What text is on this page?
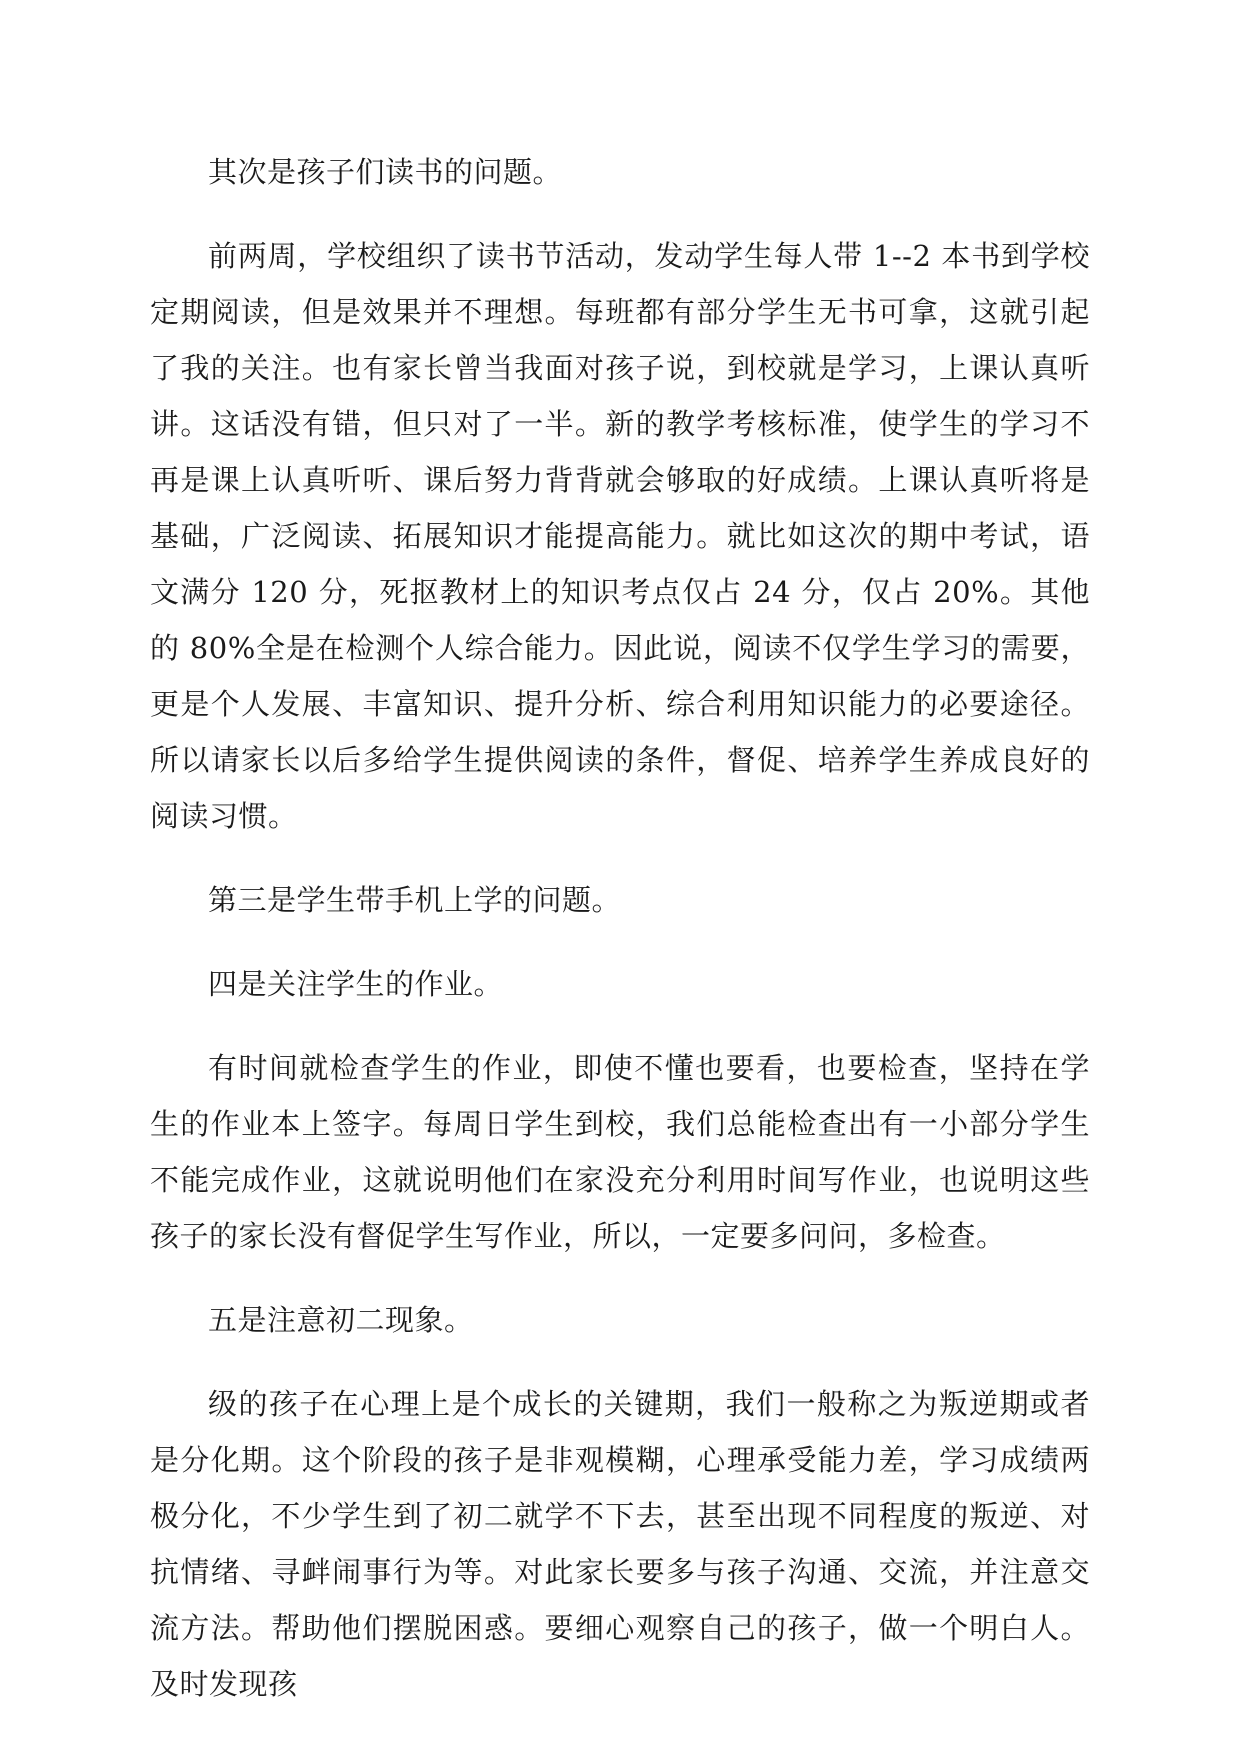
其次是孩子们读书的问题。

前两周，学校组织了读书节活动，发动学生每人带 1--2 本书到学校定期阅读，但是效果并不理想。每班都有部分学生无书可拿，这就引起了我的关注。也有家长曾当我面对孩子说，到校就是学习，上课认真听讲。这话没有错，但只对了一半。新的教学考核标准，使学生的学习不再是课上认真听听、课后努力背背就会够取的好成绩。上课认真听将是基础，广泛阅读、拓展知识才能提高能力。就比如这次的期中考试，语文满分 120 分，死抠教材上的知识考点仅占 24 分，仅占 20%。其他的 80%全是在检测个人综合能力。因此说，阅读不仅学生学习的需要，更是个人发展、丰富知识、提升分析、综合利用知识能力的必要途径。所以请家长以后多给学生提供阅读的条件，督促、培养学生养成良好的阅读习惯。

第三是学生带手机上学的问题。

四是关注学生的作业。

有时间就检查学生的作业，即使不懂也要看，也要检查，坚持在学生的作业本上签字。每周日学生到校，我们总能检查出有一小部分学生不能完成作业，这就说明他们在家没充分利用时间写作业，也说明这些孩子的家长没有督促学生写作业，所以，一定要多问问，多检查。

五是注意初二现象。

级的孩子在心理上是个成长的关键期，我们一般称之为叛逆期或者是分化期。这个阶段的孩子是非观模糊，心理承受能力差，学习成绩两极分化，不少学生到了初二就学不下去，甚至出现不同程度的叛逆、对抗情绪、寻衅闹事行为等。对此家长要多与孩子沟通、交流，并注意交流方法。帮助他们摆脱困惑。要细心观察自己的孩子，做一个明白人。及时发现孩
